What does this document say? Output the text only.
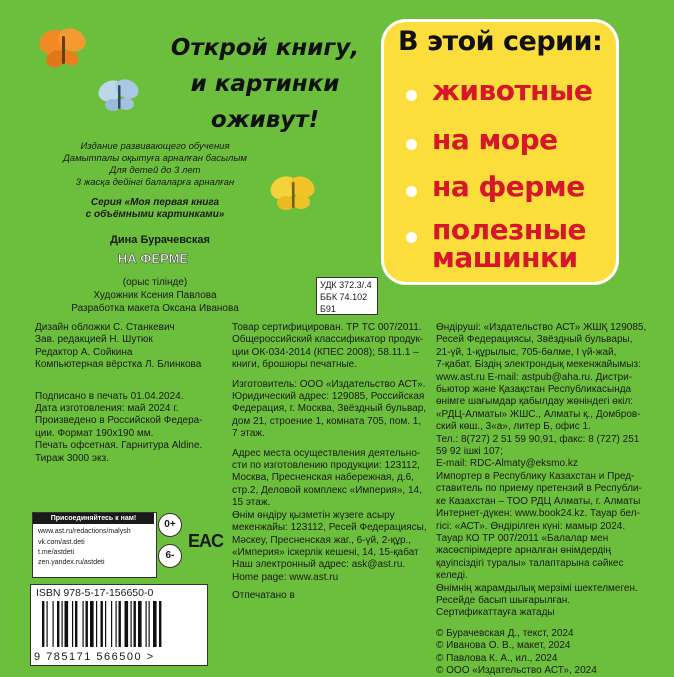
Открой книгу,
и картинки
оживут!
В этой серии:
животные
на море
на ферме
полезные
машинки
Издание развивающего обучения
Дамытпалы оқытуға арналған басылым
Для детей до 3 лет
3 жасқа дейінгі балаларға арналған
Серия «Моя первая книга
с объёмными картинками»
Дина Бурачевская
НА ФЕРМЕ
(орыс тілінде)
Художник Ксения Павлова
Разработка макета Оксана Иванова
УДК 372.3/.4
ББК 74.102
Б91

Дизайн обложки С. Станкевич

Зав. редакцией Н. Шутюк

Редактор А. Сойкина

Компьютерная вёрстка Л. Блинкова

Подписано в печать 01.04.2024.

Дата изготовления: май 2024 г.

Произведено в Российской Федера-

ции. Формат 190x190 мм.

Печать офсетная. Гарнитура Aldine.

Тираж 3000 экз.

Товар сертифицирован. ТР ТС 007/2011.

Общероссийский классификатор продук-

ции ОК-034-2014 (КПЕС 2008); 58.11.1 –

книги, брошюры печатные.

Изготовитель: ООО «Издательство АСТ».

Юридический адрес: 129085, Российская

Федерация, г. Москва, Звёздный бульвар,

дом 21, строение 1, комната 705, пом. 1,

7 этаж.

Адрес места осуществления деятельно-

сти по изготовлению продукции: 123112,

Москва, Пресненская набережная, д.6,

стр.2, Деловой комплекс «Империя», 14,

15 этаж.

Өнім өндіру қызметін жүзеге асыру

мекенжайы: 123112, Ресей Федерациясы,

Мәскеу, Пресненская жаг., 6-үй, 2-құр.,

«Империя» іскерлік кешені, 14, 15-қабат

Наш электронный адрес: ask@ast.ru.

Home page: www.ast.ru

Отпечатано в

Өндіруші: «Издательство АСТ» ЖШҚ 129085,

Ресей Федерациясы, Звёздный бульвары,

21-үй, 1-құрылыс, 705-бөлме, I үй-жай,

7-қабат. Біздің электрондық мекенжайымыз:

www.ast.ru E-mail: astpub@aha.ru. Дистри-

бьютор және Қазақстан Республикасында

өнімге шағымдар қабылдау жөніндегі өкіл:

«РДЦ-Алматы» ЖШС., Алматы қ., Домбров-

ский көш., 3«а», литер Б, офис 1.

Тел.: 8(727) 2 51 59 90,91, факс: 8 (727) 251

59 92 ішкі 107;

E-mail: RDC-Almaty@eksmo.kz

Импортер в Республику Казахстан и Пред-

ставитель по приему претензий в Республи-

ке Казахстан – ТОО РДЦ Алматы, г. Алматы

Интернет-дүкен: www.book24.kz. Тауар бел-

гісі: «АСТ». Өндірілген күні: мамыр 2024.

Тауар КО ТР 007/2011 «Балалар мен

жасөспірімдерге арналған өнімдердің

қауіпсіздігі туралы» талаптарына сәйкес

келеді.

Өнімнің жарамдылық мерзімі шектелмеген.

Ресейде басып шығарылған.

Сертификаттауға жатады

© Бурачевская Д., текст, 2024

© Иванова О. В., макет, 2024

© Павлова К. А., ил., 2024

© ООО «Издательство АСТ», 2024

Присоединяйтесь к нам!
www.ast.ru/redactions/malysh
vk.com/ast.deti
t.me/astdeti
zen.yandex.ru/astdeti
0+
6-
EAC
ISBN 978-5-17-156650-0
9 785171 566500 >
